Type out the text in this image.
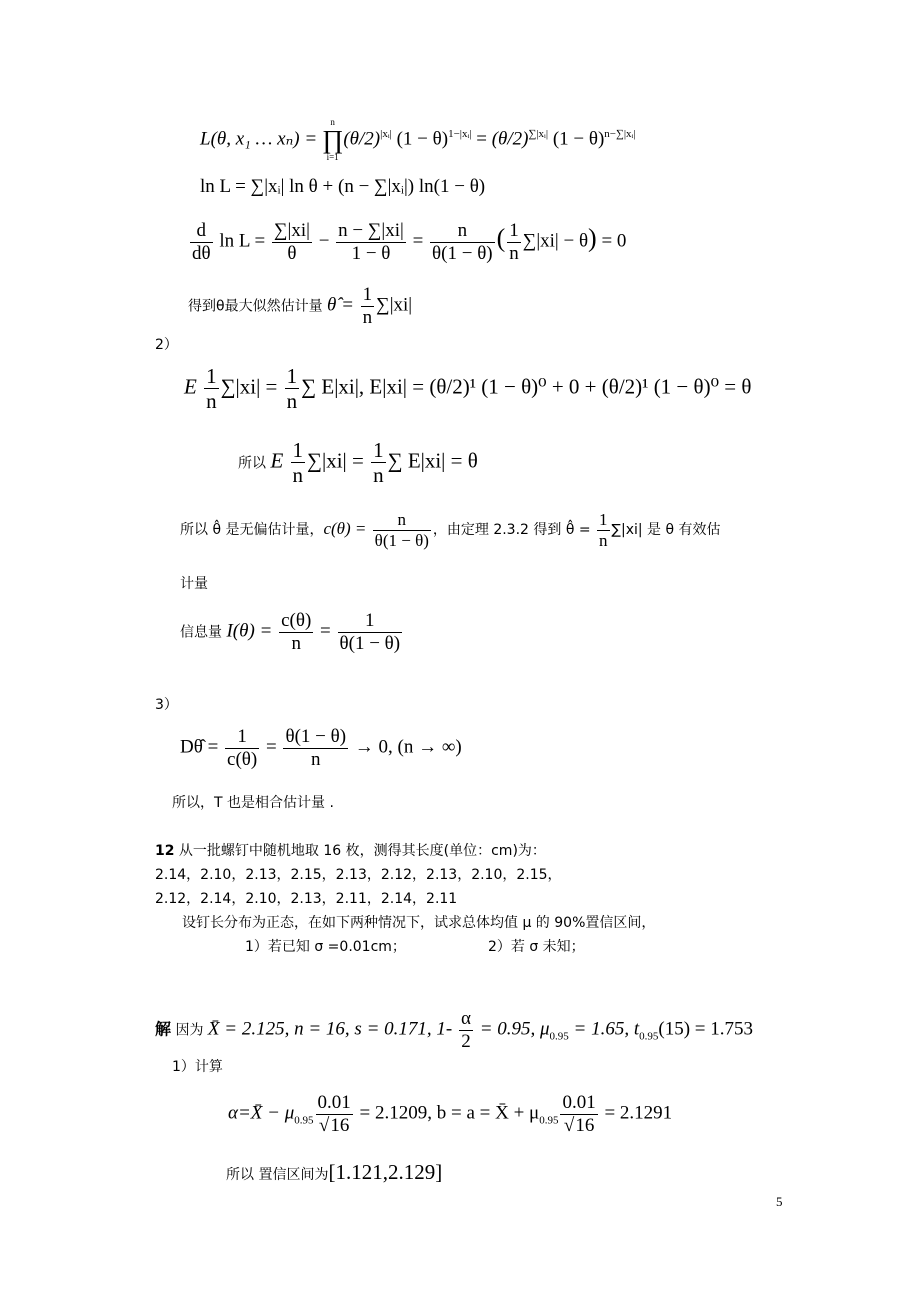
L(θ, x₁ … xₙ) =
n
∏
i=1
$(\theta/2)^{|xᵢ|}$ $(1 - \theta)^{1-|xᵢ|} = (\theta/2)^{\sum|xᵢ|}$ $(1 - \theta)^{n-\sum|xᵢ|}$
ln L = ∑|xᵢ| ln θ + (n − ∑|xᵢ|) ln(1 − θ)
$\frac{d}{d\theta}$ $\ln L = \frac{\sum|xi|}{\theta} - \frac{n - \sum|xi|}{1 - \theta} = \frac{n}{\theta(1 - \theta)}$ ( $\frac{1}{n} \sum|xi| - \theta) = 0$
得到θ最大似然估计量 θ̂ = $\frac{1}{n} \sum|xi|$
2）
E $\frac{1}{n} \sum|xi| = \frac{1}{n}$ ∑ E|xi|, E|xi| = (θ/2)¹ (1 − θ)⁰ + 0 + (θ/2)¹ (1 − θ)⁰ = θ
所以 E $\frac{1}{n} \sum|xi| = \frac{1}{n}$ ∑ E|xi| = θ
所以 θ̂ 是无偏估计量，$c(\theta) = \frac{n}{\theta(1 - \theta)}$ ，由定理 2.3.2 得到 θ̂ = $\frac{1}{n} \sum|xi|$ 是 θ 有效估
计量
信息量 $I(\theta) = \frac{c(\theta)}{n} = \frac{1}{\theta(1 - \theta)}$
3）
Dθ̂ = $\frac{1}{c(\theta)} = \frac{\theta(1 - \theta)}{n} \to 0$, (n → ∞)
所以，T 也是相合估计量 .
12 从一批螺钉中随机地取 16 枚，测得其长度(单位：cm)为：
2.14，2.10，2.13，2.15，2.13，2.12，2.13，2.10，2.15，
2.12，2.14，2.10，2.13，2.11，2.14，2.11
设钉长分布为正态，在如下两种情况下，试求总体均值 μ 的 90%置信区间，
1）若已知 σ =0.01cm；	2）若 σ 未知；
解 因为 X̄ = 2.125, n = 16, s = 0.171, $1- \frac{\alpha}{2} = 0.95$, $\mu_{0.95} = 1.65$, $t_{0.95}(15) = 1.753$
1）计算
α=X̄ − $\mu_{0.95} \frac{0.01}{√16} = 2.1209$, b = a = X̄ + $\mu_{0.95} \frac{0.01}{√16} = 2.1291$
所以 置信区间为[1.121,2.129]
5
